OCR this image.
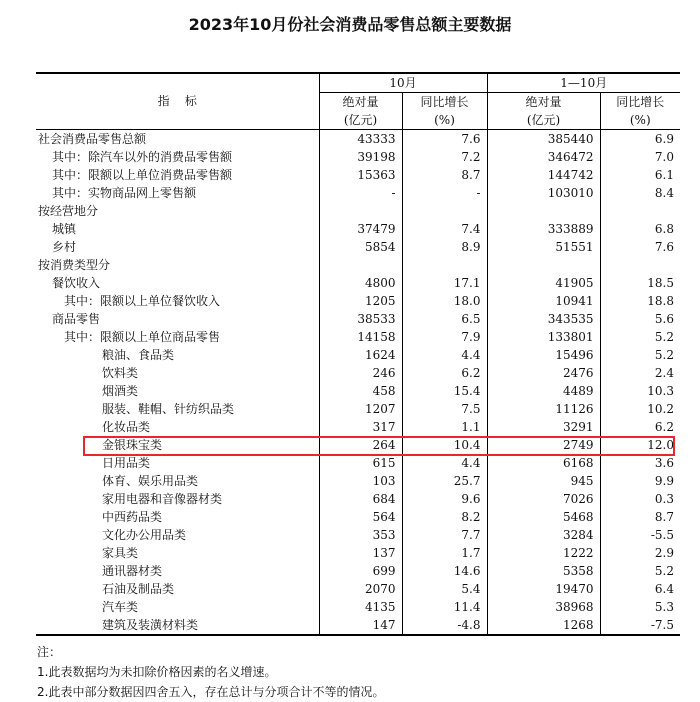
2023年10月份社会消费品零售总额主要数据
指    标	10月		1—10月	
	绝对量	同比增长	绝对量	同比增长
	(亿元)	(%)	(亿元)	(%)
社会消费品零售总额	43333	7.6	385440	6.9
其中：除汽车以外的消费品零售额	39198	7.2	346472	7.0
其中：限额以上单位消费品零售额	15363	8.7	144742	6.1
其中：实物商品网上零售额	-	-	103010	8.4
按经营地分				
城镇	37479	7.4	333889	6.8
乡村	5854	8.9	51551	7.6
按消费类型分				
餐饮收入	4800	17.1	41905	18.5
其中：限额以上单位餐饮收入	1205	18.0	10941	18.8
商品零售	38533	6.5	343535	5.6
其中：限额以上单位商品零售	14158	7.9	133801	5.2
粮油、食品类	1624	4.4	15496	5.2
饮料类	246	6.2	2476	2.4
烟酒类	458	15.4	4489	10.3
服装、鞋帽、针纺织品类	1207	7.5	11126	10.2
化妆品类	317	1.1	3291	6.2
金银珠宝类	264	10.4	2749	12.0
日用品类	615	4.4	6168	3.6
体育、娱乐用品类	103	25.7	945	9.9
家用电器和音像器材类	684	9.6	7026	0.3
中西药品类	564	8.2	5468	8.7
文化办公用品类	353	7.7	3284	-5.5
家具类	137	1.7	1222	2.9
通讯器材类	699	14.6	5358	5.2
石油及制品类	2070	5.4	19470	6.4
汽车类	4135	11.4	38968	5.3
建筑及装潢材料类	147	-4.8	1268	-7.5
注：
1.此表数据均为未扣除价格因素的名义增速。
2.此表中部分数据因四舍五入，存在总计与分项合计不等的情况。
